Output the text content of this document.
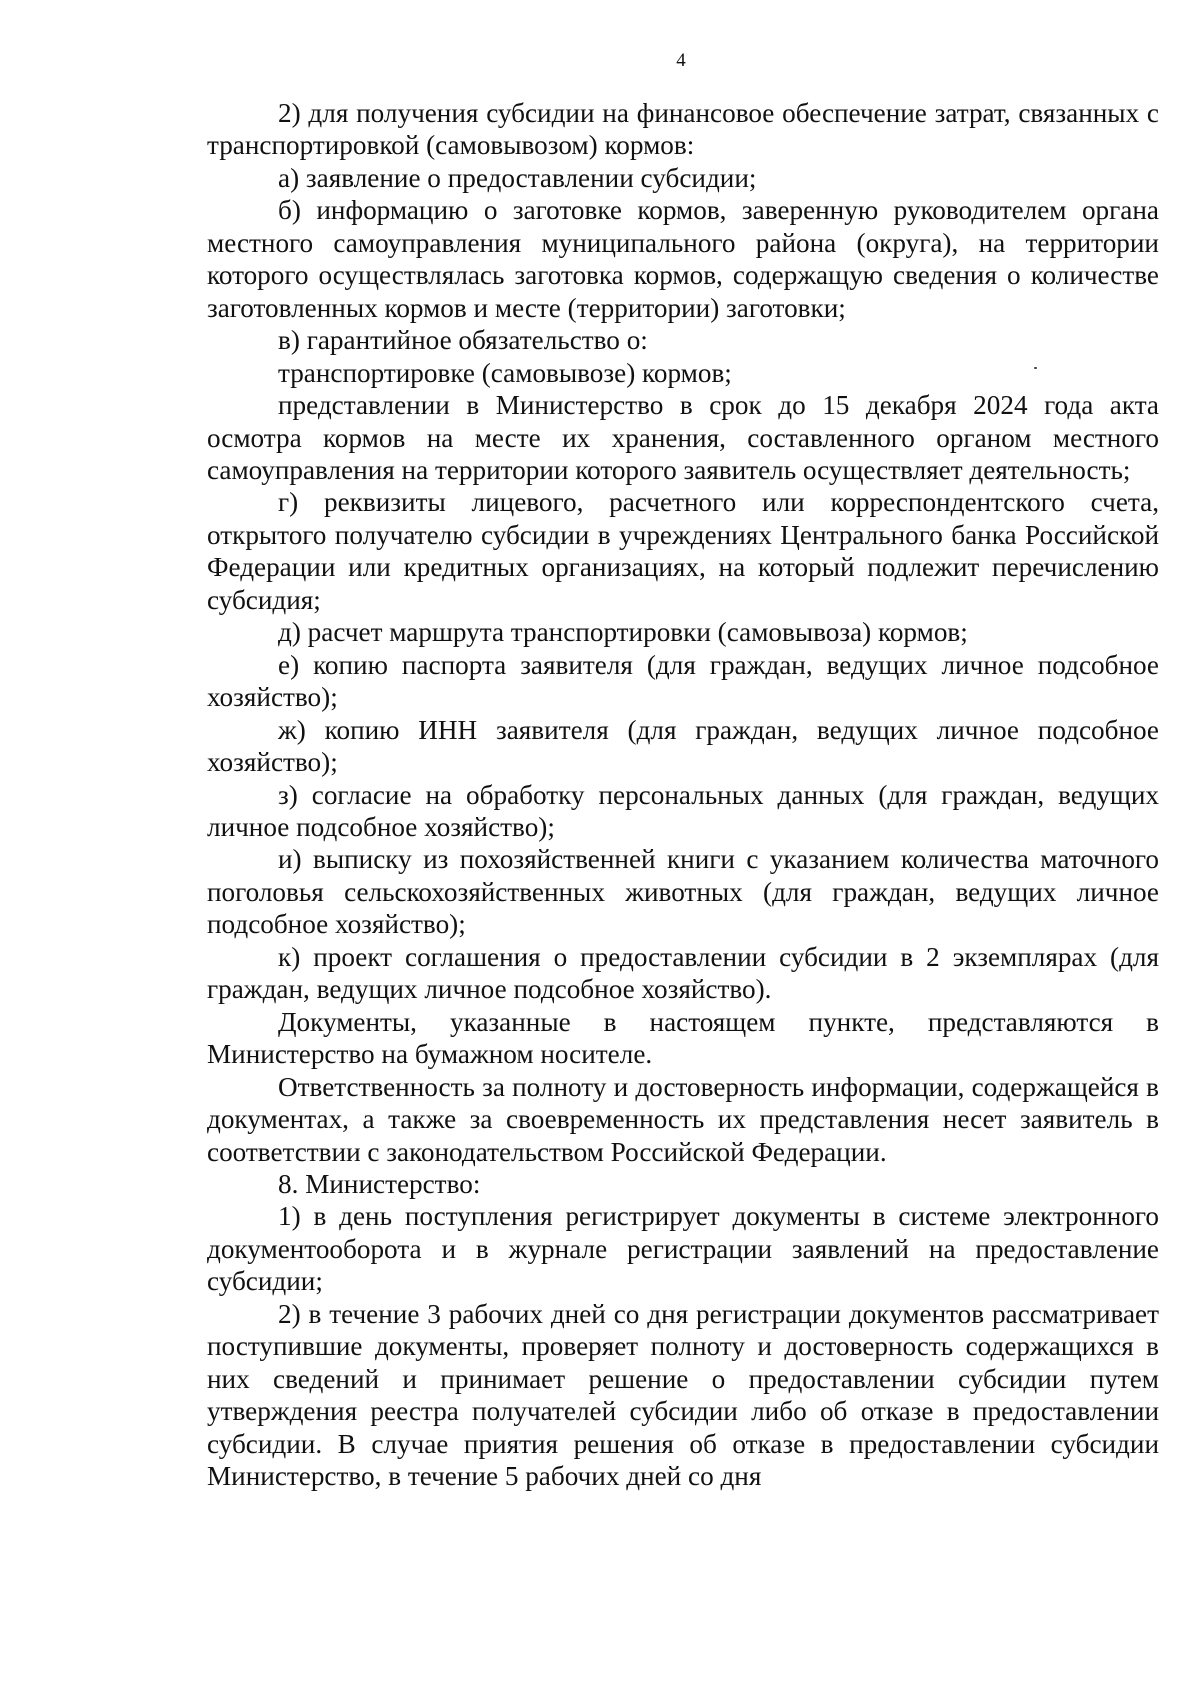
4

2) для получения субсидии на финансовое обеспечение затрат, связанных с транспортировкой (самовывозом) кормов:

а) заявление о предоставлении субсидии;

б) информацию о заготовке кормов, заверенную руководителем органа местного самоуправления муниципального района (округа), на территории которого осуществлялась заготовка кормов, содержащую сведения о количестве заготовленных кормов и месте (территории) заготовки;

в) гарантийное обязательство о:

транспортировке (самовывозе) кормов;

представлении в Министерство в срок до 15 декабря 2024 года акта осмотра кормов на месте их хранения, составленного органом местного самоуправления на территории которого заявитель осуществляет деятельность;

г) реквизиты лицевого, расчетного или корреспондентского счета, открытого получателю субсидии в учреждениях Центрального банка Российской Федерации или кредитных организациях, на который подлежит перечислению субсидия;

д) расчет маршрута транспортировки (самовывоза) кормов;

е) копию паспорта заявителя (для граждан, ведущих личное подсобное хозяйство);

ж) копию ИНН заявителя (для граждан, ведущих личное подсобное хозяйство);

з) согласие на обработку персональных данных (для граждан, ведущих личное подсобное хозяйство);

и) выписку из похозяйственней книги с указанием количества маточного поголовья сельскохозяйственных животных (для граждан, ведущих личное подсобное хозяйство);

к) проект соглашения о предоставлении субсидии в 2 экземплярах (для граждан, ведущих личное подсобное хозяйство).

Документы, указанные в настоящем пункте, представляются в Министерство на бумажном носителе.

Ответственность за полноту и достоверность информации, содержащейся в документах, а также за своевременность их представления несет заявитель в соответствии с законодательством Российской Федерации.

8. Министерство:

1) в день поступления регистрирует документы в системе электронного документооборота и в журнале регистрации заявлений на предоставление субсидии;

2) в течение 3 рабочих дней со дня регистрации документов рассматривает поступившие документы, проверяет полноту и достоверность содержащихся в них сведений и принимает решение о предоставлении субсидии путем утверждения реестра получателей субсидии либо об отказе в предоставлении субсидии. В случае приятия решения об отказе в предоставлении субсидии Министерство, в течение 5 рабочих дней со дня
